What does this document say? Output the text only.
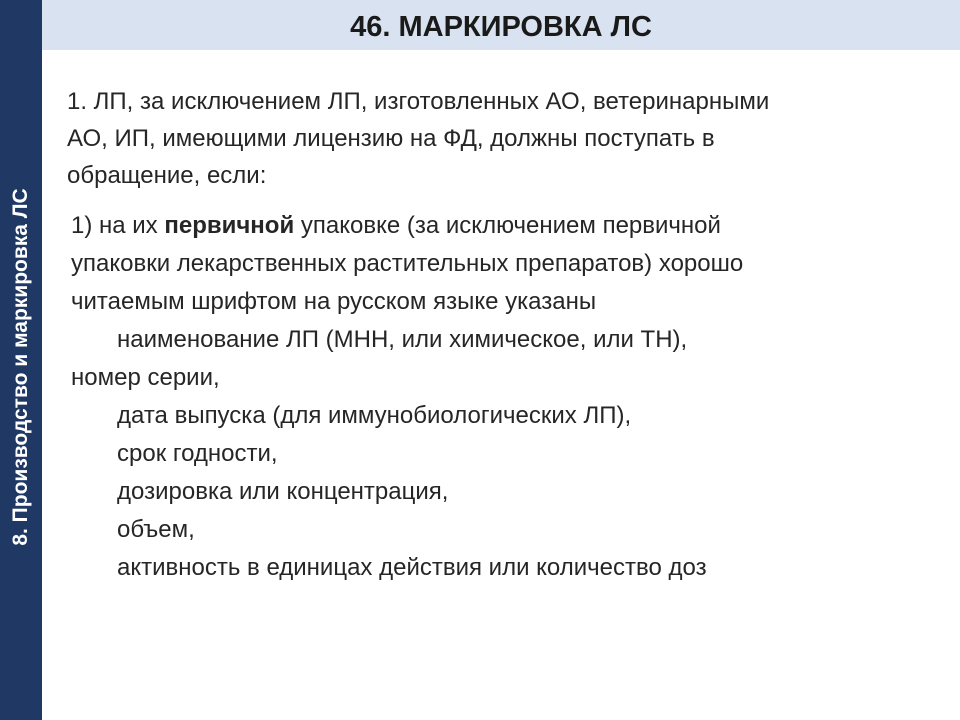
8. Производство и маркировка ЛС
46. МАРКИРОВКА ЛС
1. ЛП, за исключением ЛП, изготовленных АО, ветеринарными
АО, ИП, имеющими лицензию на ФД, должны поступать в
обращение, если:
1) на их первичной упаковке (за исключением первичной
упаковки лекарственных растительных препаратов) хорошо
читаемым шрифтом на русском языке указаны
наименование ЛП (МНН, или химическое, или ТН),
номер серии,
дата выпуска (для иммунобиологических ЛП),
срок годности,
дозировка или концентрация,
объем,
активность в единицах действия или количество доз
